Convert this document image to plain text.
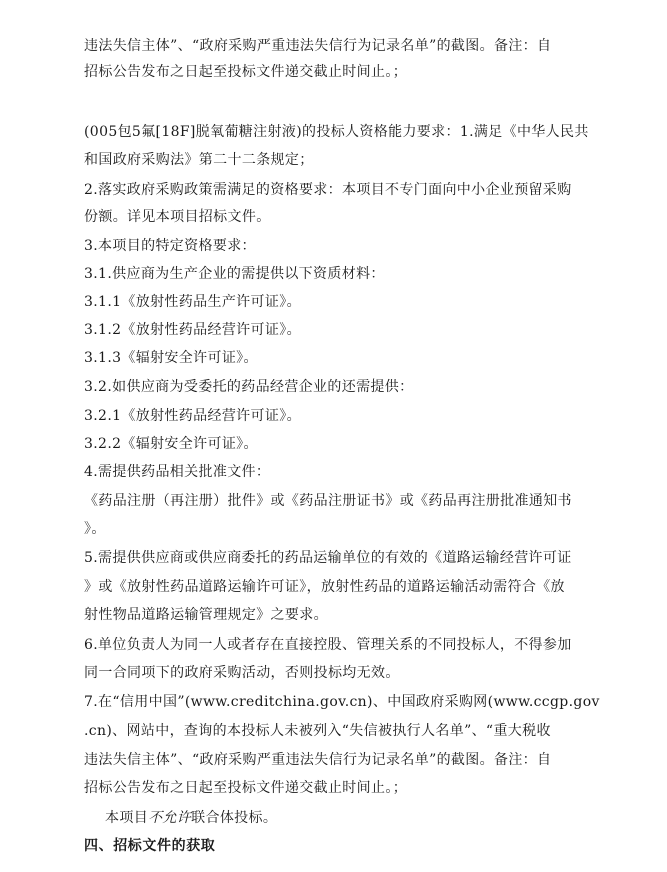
违法失信主体”、“政府采购严重违法失信行为记录名单”的截图。备注：自
招标公告发布之日起至投标文件递交截止时间止。；
(005包5氟[18F]脱氧葡糖注射液)的投标人资格能力要求：1.满足《中华人民共
和国政府采购法》第二十二条规定；
2.落实政府采购政策需满足的资格要求：本项目不专门面向中小企业预留采购
份额。详见本项目招标文件。
3.本项目的特定资格要求：
3.1.供应商为生产企业的需提供以下资质材料：
3.1.1《放射性药品生产许可证》。
3.1.2《放射性药品经营许可证》。
3.1.3《辐射安全许可证》。
3.2.如供应商为受委托的药品经营企业的还需提供：
3.2.1《放射性药品经营许可证》。
3.2.2《辐射安全许可证》。
4.需提供药品相关批准文件：
《药品注册（再注册）批件》或《药品注册证书》或《药品再注册批准通知书
》。
5.需提供供应商或供应商委托的药品运输单位的有效的《道路运输经营许可证
》或《放射性药品道路运输许可证》，放射性药品的道路运输活动需符合《放
射性物品道路运输管理规定》之要求。
6.单位负责人为同一人或者存在直接控股、管理关系的不同投标人，不得参加
同一合同项下的政府采购活动，否则投标均无效。
7.在“信用中国”(www.creditchina.gov.cn)、中国政府采购网(www.ccgp.gov
.cn)、网站中，查询的本投标人未被列入“失信被执行人名单”、“重大税收
违法失信主体”、“政府采购严重违法失信行为记录名单”的截图。备注：自
招标公告发布之日起至投标文件递交截止时间止。；
本项目不允许联合体投标。
四、招标文件的获取
